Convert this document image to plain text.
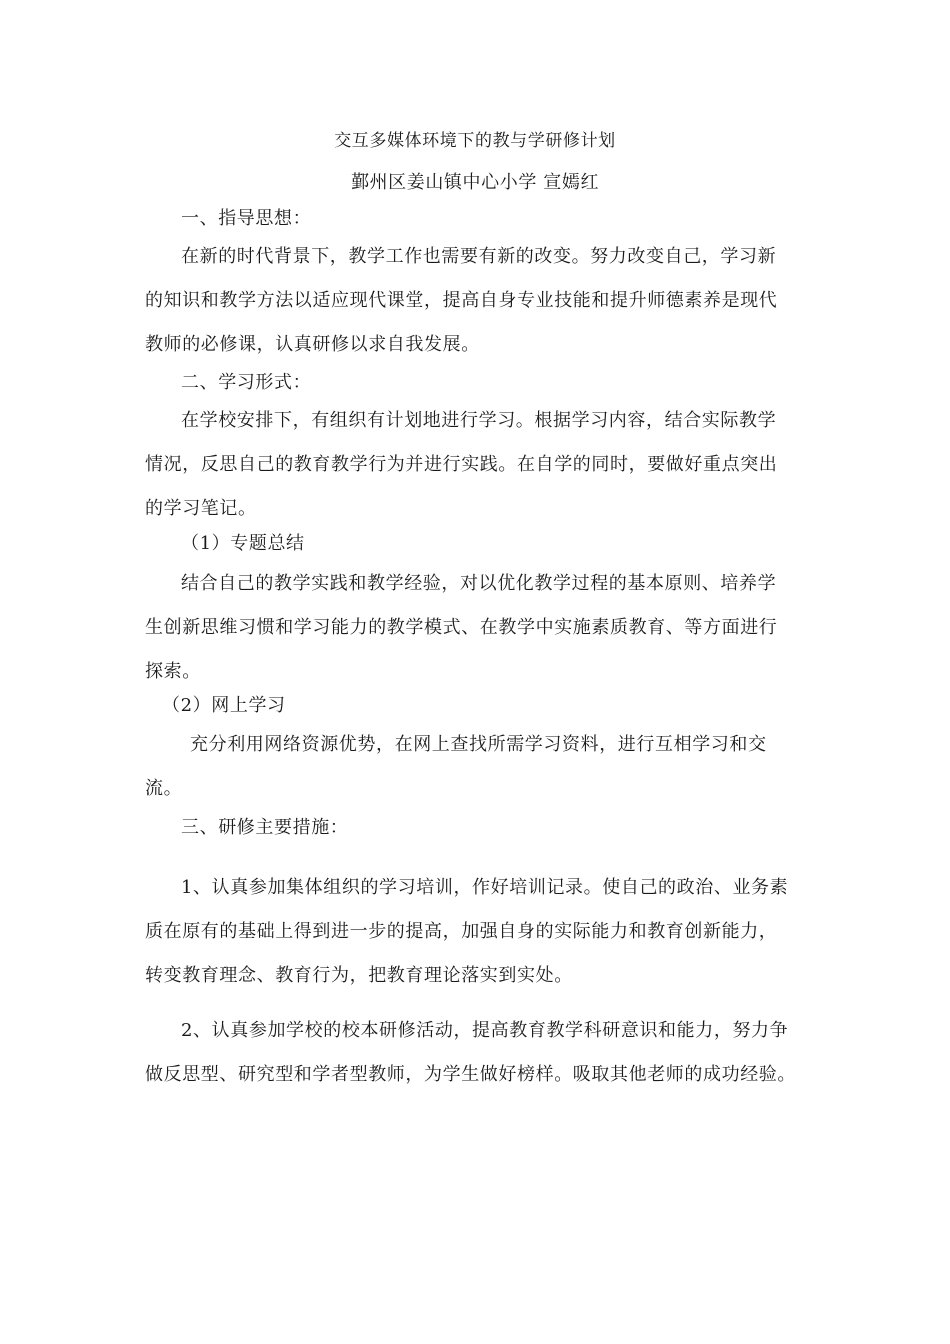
交互多媒体环境下的教与学研修计划
鄞州区姜山镇中心小学 宣嫣红
一、指导思想：
在新的时代背景下，教学工作也需要有新的改变。努力改变自己，学习新
的知识和教学方法以适应现代课堂，提高自身专业技能和提升师德素养是现代
教师的必修课，认真研修以求自我发展。
二、学习形式：
在学校安排下，有组织有计划地进行学习。根据学习内容，结合实际教学
情况，反思自己的教育教学行为并进行实践。在自学的同时，要做好重点突出
的学习笔记。
（1）专题总结
结合自己的教学实践和教学经验，对以优化教学过程的基本原则、培养学
生创新思维习惯和学习能力的教学模式、在教学中实施素质教育、等方面进行
探索。
（2）网上学习
充分利用网络资源优势，在网上查找所需学习资料，进行互相学习和交
流。
三、研修主要措施：
1、认真参加集体组织的学习培训，作好培训记录。使自己的政治、业务素
质在原有的基础上得到进一步的提高，加强自身的实际能力和教育创新能力，
转变教育理念、教育行为，把教育理论落实到实处。
2、认真参加学校的校本研修活动，提高教育教学科研意识和能力，努力争
做反思型、研究型和学者型教师，为学生做好榜样。吸取其他老师的成功经验。
